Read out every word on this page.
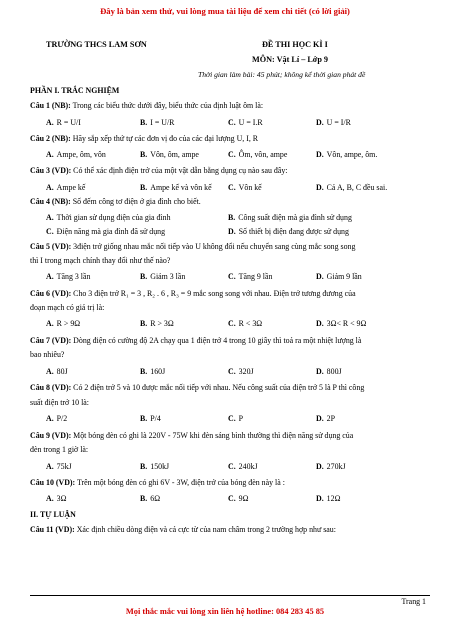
Đây là bản xem thử, vui lòng mua tài liệu để xem chi tiết (có lời giải)
TRƯỜNG THCS LAM SƠN	ĐỀ THI HỌC KÌ I
MÔN: Vật Lí – Lớp 9
Thời gian làm bài: 45 phút; không kể thời gian phát đề
PHẦN I. TRẮC NGHIỆM
Câu 1 (NB): Trong các biểu thức dưới đây, biểu thức của định luật ôm là:
A. R = U/I	B. I = U/R	C. U = I.R	D. U = I/R
Câu 2 (NB): Hãy sắp xếp thứ tự các đơn vị đo của các đại lượng U, I, R
A. Ampe, ôm, vôn	B. Vôn, ôm, ampe	C. Ôm, vôn, ampe	D. Vôn, ampe, ôm.
Câu 3 (VD): Có thể xác định điện trở của một vật dẫn bằng dụng cụ nào sau đây:
A. Ampe kế	B. Ampe kế và vôn kế C. Vôn kế	D. Cả A, B, C đều sai.
Câu 4 (NB): Số đếm công tơ điện ở gia đình cho biết.
A. Thời gian sử dụng điện của gia đình	B. Công suất điện mà gia đình sử dụng
C. Điện năng mà gia đình đã sử dụng	D. Số thiết bị điện đang được sử dụng
Câu 5 (VD): 3điện trở giống nhau mắc nối tiếp vào U không đổi nếu chuyển sang cùng mắc song song
thì I trong mạch chính thay đổi như thế nào?
A. Tăng 3 lần	B. Giảm 3 lần	C. Tăng 9 lần	D. Giảm 9 lần
Câu 6 (VD): Cho 3 điện trở R₁ = 3 , R₂ . 6 , R₃ = 9 mắc song song với nhau. Điện trở tương đương của
đoạn mạch có giá trị là:
A. R > 9Ω	B. R > 3Ω	C. R < 3Ω	D. 3Ω< R < 9Ω
Câu 7 (VD): Dòng điện có cường độ 2A chạy qua 1 điện trở 4 trong 10 giây thì toả ra một nhiệt lượng là
bao nhiêu?
A. 80J	B. 160J	C. 320J	D. 800J
Câu 8 (VD): Có 2 điện trở 5 và 10 được mắc nối tiếp với nhau. Nếu công suất của điện trở 5 là P thì công
suất điện trở 10 là:
A. P/2	B. P/4	C. P	D. 2P
Câu 9 (VD): Một bóng đèn có ghi là 220V - 75W khi đèn sáng bình thường thì điện năng sử dụng của
đèn trong 1 giờ là:
A. 75kJ	B. 150kJ	C. 240kJ	D. 270kJ
Câu 10 (VD): Trên một bóng đèn có ghi 6V - 3W, điện trở của bóng đèn này là :
A. 3Ω	B. 6Ω	C. 9Ω	D. 12Ω
II. TỰ LUẬN
Câu 11 (VD): Xác định chiều dòng điện và cả cực từ của nam châm trong 2 trường hợp như sau:
Trang 1
Mọi thắc mắc vui lòng xin liên hệ hotline: 084 283 45 85
